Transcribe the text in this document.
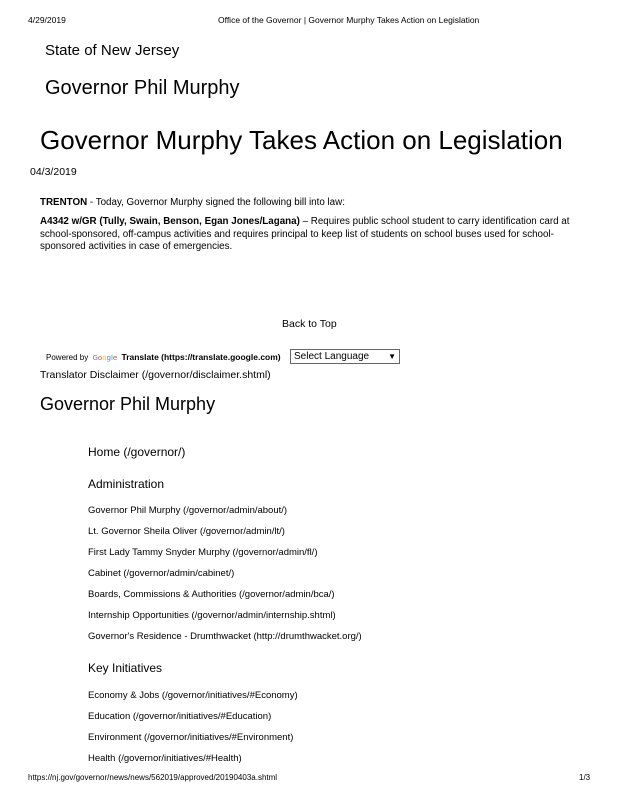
4/29/2019	Office of the Governor | Governor Murphy Takes Action on Legislation
State of New Jersey
Governor Phil Murphy
Governor Murphy Takes Action on Legislation
04/3/2019
TRENTON - Today, Governor Murphy signed the following bill into law:
A4342 w/GR (Tully, Swain, Benson, Egan Jones/Lagana) – Requires public school student to carry identification card at school-sponsored, off-campus activities and requires principal to keep list of students on school buses used for school-sponsored activities in case of emergencies.
Back to Top
Powered by Google Translate (https://translate.google.com)	Select Language ▼
Translator Disclaimer (/governor/disclaimer.shtml)
Governor Phil Murphy
Home (/governor/)
Administration
Governor Phil Murphy (/governor/admin/about/)
Lt. Governor Sheila Oliver (/governor/admin/lt/)
First Lady Tammy Snyder Murphy (/governor/admin/fl/)
Cabinet (/governor/admin/cabinet/)
Boards, Commissions & Authorities (/governor/admin/bca/)
Internship Opportunities (/governor/admin/internship.shtml)
Governor's Residence - Drumthwacket (http://drumthwacket.org/)
Key Initiatives
Economy & Jobs (/governor/initiatives/#Economy)
Education (/governor/initiatives/#Education)
Environment (/governor/initiatives/#Environment)
Health (/governor/initiatives/#Health)
https://nj.gov/governor/news/news/562019/approved/20190403a.shtml	1/3
